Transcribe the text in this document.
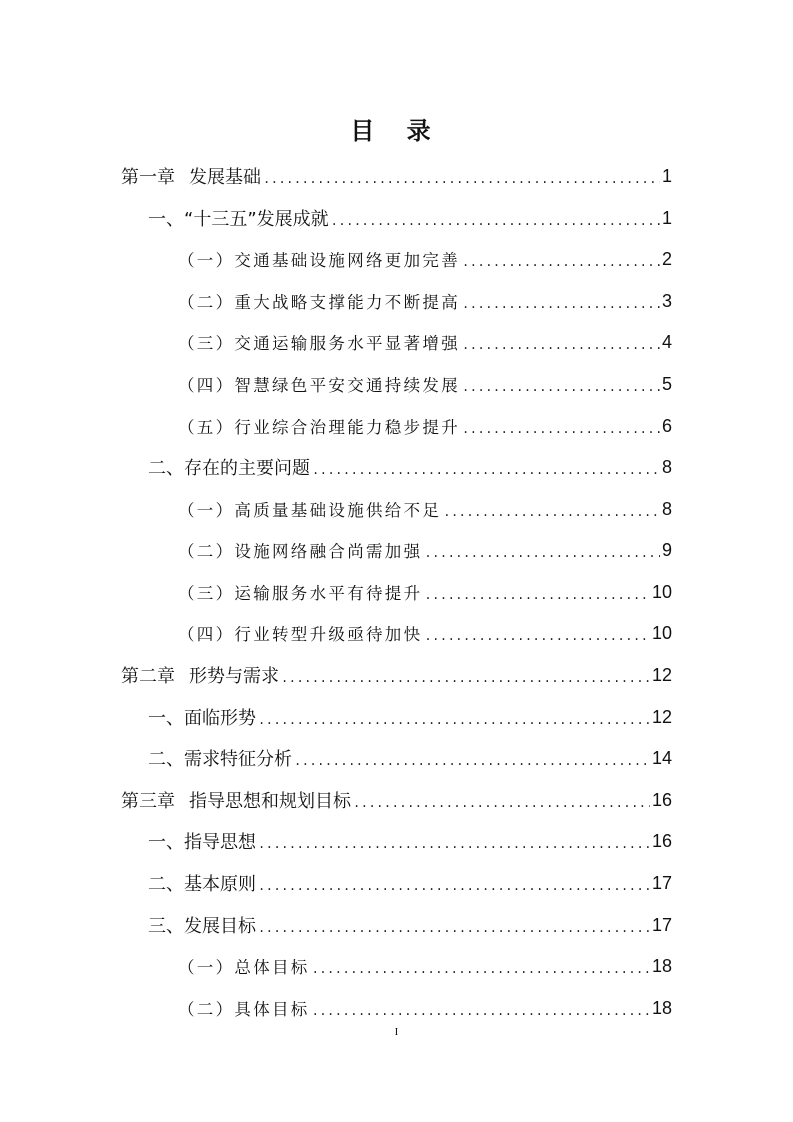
目 录
第一章 发展基础 .....	1
一、“十三五”发展成就 .....	1
（一）交通基础设施网络更加完善 .....	2
（二）重大战略支撑能力不断提高 .....	3
（三）交通运输服务水平显著增强 .....	4
（四）智慧绿色平安交通持续发展 .....	5
（五）行业综合治理能力稳步提升 .....	6
二、存在的主要问题 .....	8
（一）高质量基础设施供给不足 .....	8
（二）设施网络融合尚需加强 .....	9
（三）运输服务水平有待提升 .....	10
（四）行业转型升级亟待加快 .....	10
第二章 形势与需求 .....	12
一、面临形势 .....	12
二、需求特征分析 .....	14
第三章 指导思想和规划目标 .....	16
一、指导思想 .....	16
二、基本原则 .....	17
三、发展目标 .....	17
（一）总体目标 .....	18
（二）具体目标 .....	18
I
